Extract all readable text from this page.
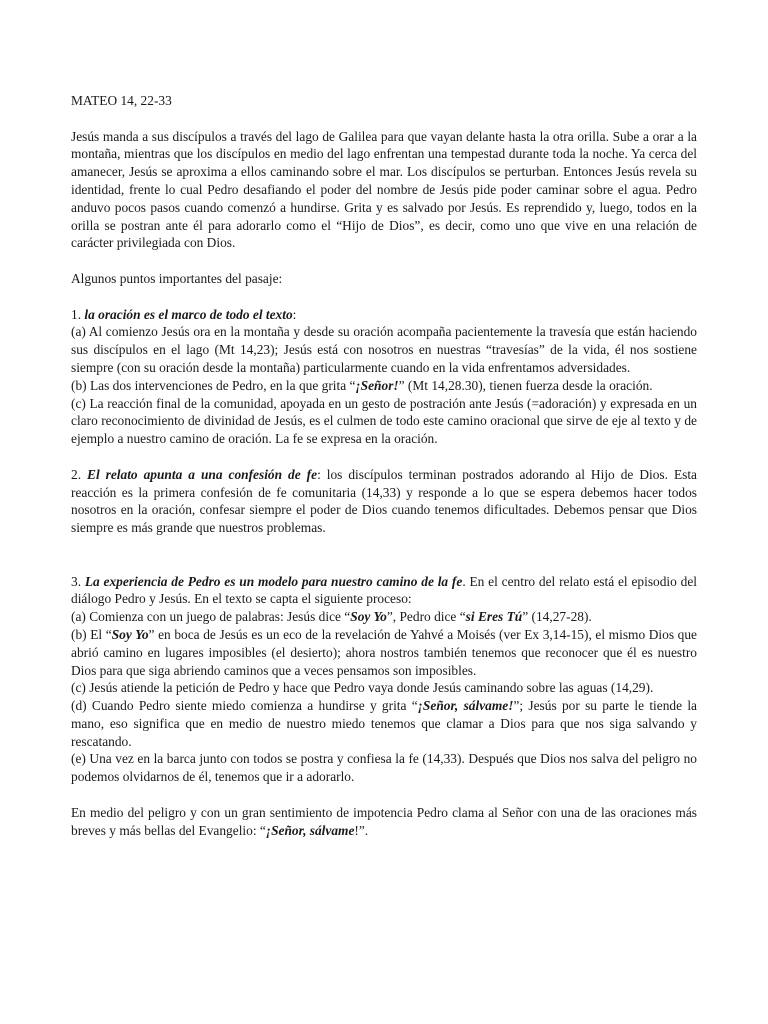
MATEO 14, 22-33

Jesús manda a sus discípulos a través del lago de Galilea para que vayan delante hasta la otra orilla. Sube a orar a la montaña, mientras que los discípulos en medio del lago enfrentan una tempestad durante toda la noche. Ya cerca del amanecer, Jesús se aproxima a ellos caminando sobre el mar. Los discípulos se perturban. Entonces Jesús revela su identidad, frente lo cual Pedro desafiando el poder del nombre de Jesús pide poder caminar sobre el agua. Pedro anduvo pocos pasos cuando comenzó a hundirse. Grita y es salvado por Jesús. Es reprendido y, luego, todos en la orilla se postran ante él para adorarlo como el “Hijo de Dios”, es decir, como uno que vive en una relación de carácter privilegiada con Dios.

Algunos puntos importantes del pasaje:

1. la oración es el marco de todo el texto:

(a) Al comienzo Jesús ora en la montaña y desde su oración acompaña pacientemente la travesía que están haciendo sus discípulos en el lago (Mt 14,23); Jesús está con nosotros en nuestras “travesías” de la vida, él nos sostiene siempre (con su oración desde la montaña) particularmente cuando en la vida enfrentamos adversidades.

(b) Las dos intervenciones de Pedro, en la que grita “¡Señor!” (Mt 14,28.30), tienen fuerza desde la oración.

(c) La reacción final de la comunidad, apoyada en un gesto de postración ante Jesús (=adoración) y expresada en un claro reconocimiento de divinidad de Jesús, es el culmen de todo este camino oracional que sirve de eje al texto y de ejemplo a nuestro camino de oración. La fe se expresa en la oración.

2. El relato apunta a una confesión de fe: los discípulos terminan postrados adorando al Hijo de Dios. Esta reacción es la primera confesión de fe comunitaria (14,33) y responde a lo que se espera debemos hacer todos nosotros en la oración, confesar siempre el poder de Dios cuando tenemos dificultades. Debemos pensar que Dios siempre es más grande que nuestros problemas.

3. La experiencia de Pedro es un modelo para nuestro camino de la fe. En el centro del relato está el episodio del diálogo Pedro y Jesús. En el texto se capta el siguiente proceso:

(a) Comienza con un juego de palabras: Jesús dice “Soy Yo”, Pedro dice “si Eres Tú” (14,27-28).

(b) El “Soy Yo” en boca de Jesús es un eco de la revelación de Yahvé a Moisés (ver Ex 3,14-15), el mismo Dios que abrió camino en lugares imposibles (el desierto); ahora nostros también tenemos que reconocer que él es nuestro Dios para que siga abriendo caminos que a veces pensamos son imposibles.

(c) Jesús atiende la petición de Pedro y hace que Pedro vaya donde Jesús caminando sobre las aguas (14,29).

(d) Cuando Pedro siente miedo comienza a hundirse y grita “¡Señor, sálvame!”; Jesús por su parte le tiende la mano, eso significa que en medio de nuestro miedo tenemos que clamar a Dios para que nos siga salvando y rescatando.

(e) Una vez en la barca junto con todos se postra y confiesa la fe (14,33). Después que Dios nos salva del peligro no podemos olvidarnos de él, tenemos que ir a adorarlo.

En medio del peligro y con un gran sentimiento de impotencia Pedro clama al Señor con una de las oraciones más breves y más bellas del Evangelio: “¡Señor, sálvame!”.
